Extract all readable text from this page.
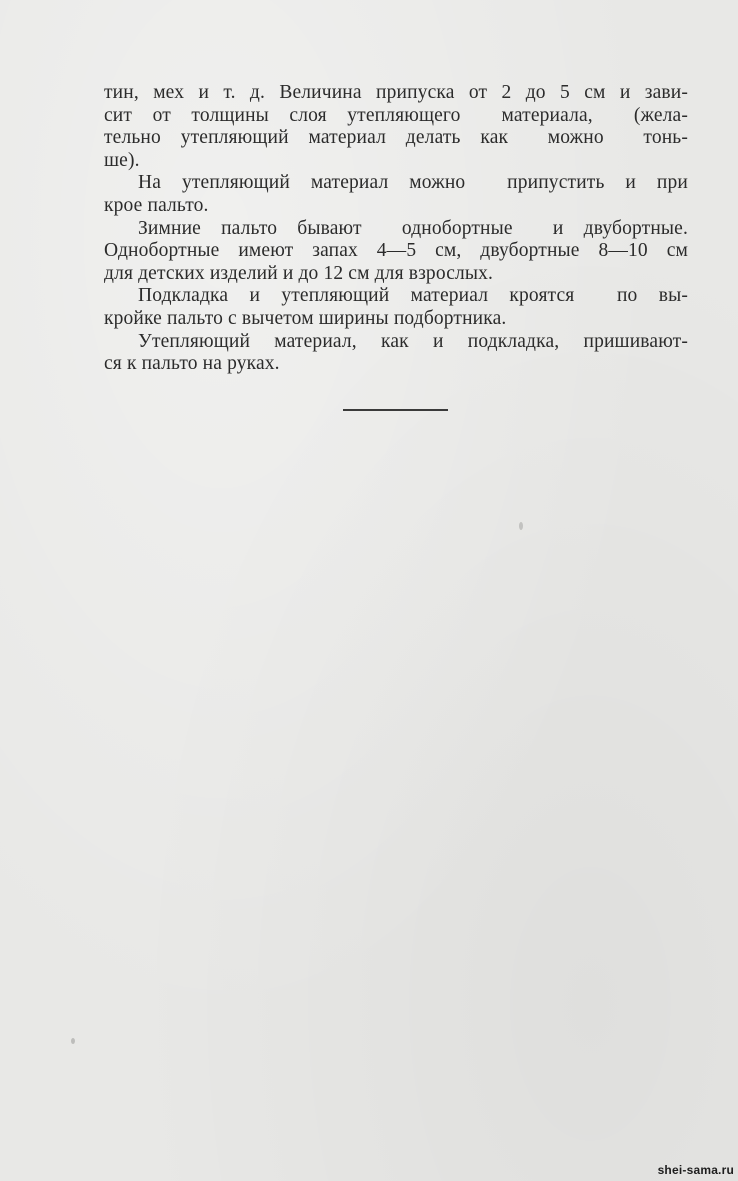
тин, мех и т. д. Величина припуска от 2 до 5 см и зави-
сит от толщины слоя утепляющего  материала,  (жела-
тельно утепляющий материал делать как  можно  тонь-
ше).
На утепляющий материал можно  припустить и при
крое пальто.
Зимние пальто бывают  однобортные  и двубортные.
Однобортные имеют запах 4—5 см, двубортные 8—10 см
для детских изделий и до 12 см для взрослых.
Подкладка и утепляющий материал кроятся  по вы-
кройке пальто с вычетом ширины подбортника.
Утепляющий материал, как и подкладка, пришивают-
ся к пальто на руках.
shei-sama.ru
